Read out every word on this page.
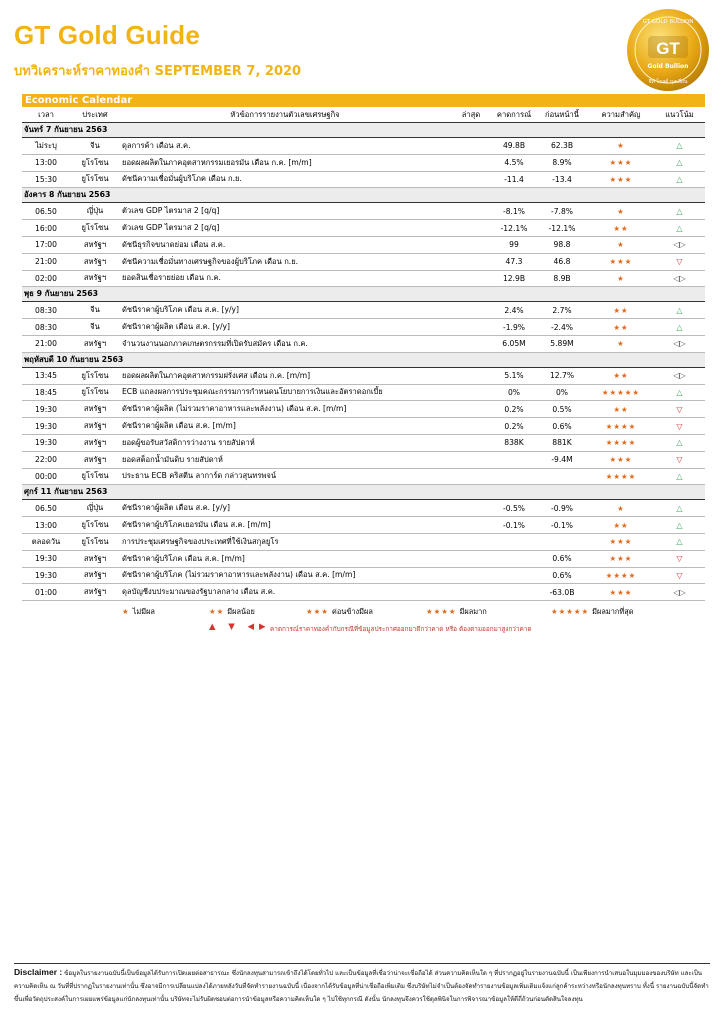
GT Gold Guide
บทวิเคราะห์ราคาทองคำ SEPTEMBER 7, 2020
GT
GT GOLD BULLION
Gold Bullion
จีที โกลด์ บุลเลี่ยน
Economic Calendar							
เวลา	ประเทศ	หัวข้อการรายงานตัวเลขเศรษฐกิจ	ล่าสุด	คาดการณ์	ก่อนหน้านี้	ความสำคัญ	แนวโน้ม
จันทร์ 7 กันยายน 2563							
ไม่ระบุ	จีน	ดุลการค้า เดือน ส.ค.		49.8B	62.3B	★	△
13:00	ยูโรโซน	ยอดผลผลิตในภาคอุตสาหกรรมเยอรมัน เดือน ก.ค. [m/m]		4.5%	8.9%	★★★	△
15:30	ยูโรโซน	ดัชนีความเชื่อมั่นผู้บริโภค เดือน ก.ย.		-11.4	-13.4	★★★	△
อังคาร 8 กันยายน 2563							
06.50	ญี่ปุ่น	ตัวเลข GDP ไตรมาส 2 [q/q]		-8.1%	-7.8%	★	△
16:00	ยูโรโซน	ตัวเลข GDP ไตรมาส 2 [q/q]		-12.1%	-12.1%	★★	△
17:00	สหรัฐฯ	ดัชนีธุรกิจขนาดย่อม เดือน ส.ค.		99	98.8	★	◁▷
21:00	สหรัฐฯ	ดัชนีความเชื่อมั่นทางเศรษฐกิจของผู้บริโภค เดือน ก.ย.		47.3	46.8	★★★	▽
02:00	สหรัฐฯ	ยอดสินเชื่อรายย่อย เดือน ก.ค.		12.9B	8.9B	★	◁▷
พุธ 9 กันยายน 2563							
08:30	จีน	ดัชนีราคาผู้บริโภค เดือน ส.ค. [y/y]		2.4%	2.7%	★★	△
08:30	จีน	ดัชนีราคาผู้ผลิต เดือน ส.ค. [y/y]		-1.9%	-2.4%	★★	△
21:00	สหรัฐฯ	จำนวนงานนอกภาคเกษตรกรรมที่เปิดรับสมัคร เดือน ก.ค.		6.05M	5.89M	★	◁▷
พฤหัสบดี 10 กันยายน 2563							
13:45	ยูโรโซน	ยอดผลผลิตในภาคอุตสาหกรรมฝรั่งเศส เดือน ก.ค. [m/m]		5.1%	12.7%	★★	◁▷
18:45	ยูโรโซน	ECB แถลงผลการประชุมคณะกรรมการกำหนดนโยบายการเงินและอัตราดอกเบี้ย		0%	0%	★★★★★	△
19:30	สหรัฐฯ	ดัชนีราคาผู้ผลิต (ไม่รวมราคาอาหารและพลังงาน) เดือน ส.ค. [m/m]		0.2%	0.5%	★★	▽
19:30	สหรัฐฯ	ดัชนีราคาผู้ผลิต เดือน ส.ค. [m/m]		0.2%	0.6%	★★★★	▽
19:30	สหรัฐฯ	ยอดผู้ขอรับสวัสดิการว่างงาน รายสัปดาห์		838K	881K	★★★★	△
22:00	สหรัฐฯ	ยอดสต็อกน้ำมันดิบ รายสัปดาห์			-9.4M	★★★	▽
00:00	ยูโรโซน	ประธาน ECB คริสตีน ลาการ์ด กล่าวสุนทรพจน์				★★★★	△
ศุกร์ 11 กันยายน 2563							
06.50	ญี่ปุ่น	ดัชนีราคาผู้ผลิต เดือน ส.ค. [y/y]		-0.5%	-0.9%	★	△
13:00	ยูโรโซน	ดัชนีราคาผู้บริโภคเยอรมัน เดือน ส.ค. [m/m]		-0.1%	-0.1%	★★	△
ตลอดวัน	ยูโรโซน	การประชุมเศรษฐกิจของประเทศที่ใช้เงินสกุลยูโร				★★★	△
19:30	สหรัฐฯ	ดัชนีราคาผู้บริโภค เดือน ส.ค. [m/m]			0.6%	★★★	▽
19:30	สหรัฐฯ	ดัชนีราคาผู้บริโภค (ไม่รวมราคาอาหารและพลังงาน) เดือน ส.ค. [m/m]			0.6%	★★★★	▽
01:00	สหรัฐฯ	ดุลบัญชีงบประมาณของรัฐบาลกลาง เดือน ส.ค.			-63.0B	★★★	◁▷
★ ไม่มีผล	★★ มีผลน้อย	★★★ ค่อนข้างมีผล	★★★★ มีผลมาก	★★★★★ มีผลมากที่สุด
▲ ▼ ◀▶ คาดการณ์ราคาทองคำกับกรณีที่ข้อมูลประกาศออกมาดีกว่าคาด หรือ ต้องตามออกมาสูงกว่าคาด
Disclaimer : ข้อมูลในรายงานฉบับนี้เป็นข้อมูลได้รับการเปิดเผยต่อสาธารณะ ซึ่งนักลงทุนสามารถเข้าถึงได้โดยทั่วไป และเป็นข้อมูลที่เชื่อว่าน่าจะเชื่อถือได้ ส่วนความคิดเห็นใด ๆ ที่ปรากฏอยู่ในรายงานฉบับนี้ เป็นเพียงการนำเสนอในมุมมองของบริษัท และเป็นความคิดเห็น ณ วันที่ที่ปรากฏในรายงานเท่านั้น ซึ่งอาจมีการเปลี่ยนแปลงได้ภายหลังวันที่จัดทำรายงานฉบับนี้ เนื่องจากได้รับข้อมูลที่น่าเชื่อถือเพิ่มเติม ซึ่งบริษัทไม่จำเป็นต้องจัดทำรายงานข้อมูลเพิ่มเติมแจ้งแก่ลูกค้าระหว่างหรือนักลงทุนทราบ ทั้งนี้ รายงานฉบับนี้จัดทำขึ้นเพื่อวัตถุประสงค์ในการเผยแพร่ข้อมูลแก่นักลงทุนเท่านั้น บริษัทจะไม่รับผิดชอบต่อการนำข้อมูลหรือความคิดเห็นใด ๆ ไปใช้ทุกกรณี ดังนั้น นักลงทุนจึงควรใช้ดุลพินิจในการพิจารณาข้อมูลให้ดีถี่ถ้วนก่อนตัดสินใจลงทุน
